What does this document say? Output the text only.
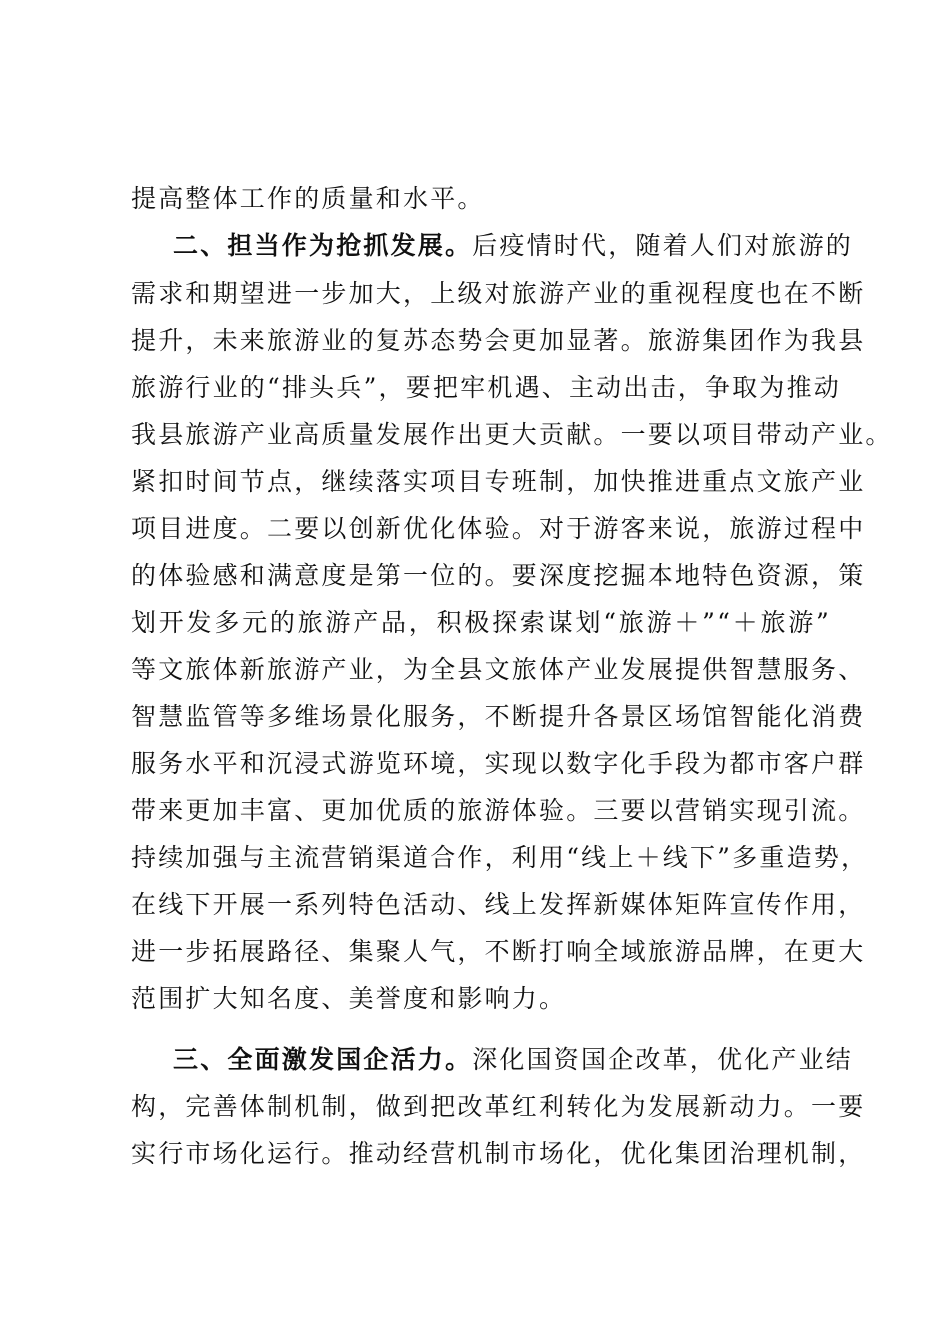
提高整体工作的质量和水平。
二、担当作为抢抓发展。后疫情时代，随着人们对旅游的
需求和期望进一步加大，上级对旅游产业的重视程度也在不断
提升，未来旅游业的复苏态势会更加显著。旅游集团作为我县
旅游行业的“排头兵”，要把牢机遇、主动出击，争取为推动
我县旅游产业高质量发展作出更大贡献。一要以项目带动产业。
紧扣时间节点，继续落实项目专班制，加快推进重点文旅产业
项目进度。二要以创新优化体验。对于游客来说，旅游过程中
的体验感和满意度是第一位的。要深度挖掘本地特色资源，策
划开发多元的旅游产品，积极探索谋划“旅游＋”“＋旅游”
等文旅体新旅游产业，为全县文旅体产业发展提供智慧服务、
智慧监管等多维场景化服务，不断提升各景区场馆智能化消费
服务水平和沉浸式游览环境，实现以数字化手段为都市客户群
带来更加丰富、更加优质的旅游体验。三要以营销实现引流。
持续加强与主流营销渠道合作，利用“线上＋线下”多重造势，
在线下开展一系列特色活动、线上发挥新媒体矩阵宣传作用，
进一步拓展路径、集聚人气，不断打响全域旅游品牌，在更大
范围扩大知名度、美誉度和影响力。
三、全面激发国企活力。深化国资国企改革，优化产业结
构，完善体制机制，做到把改革红利转化为发展新动力。一要
实行市场化运行。推动经营机制市场化，优化集团治理机制，
